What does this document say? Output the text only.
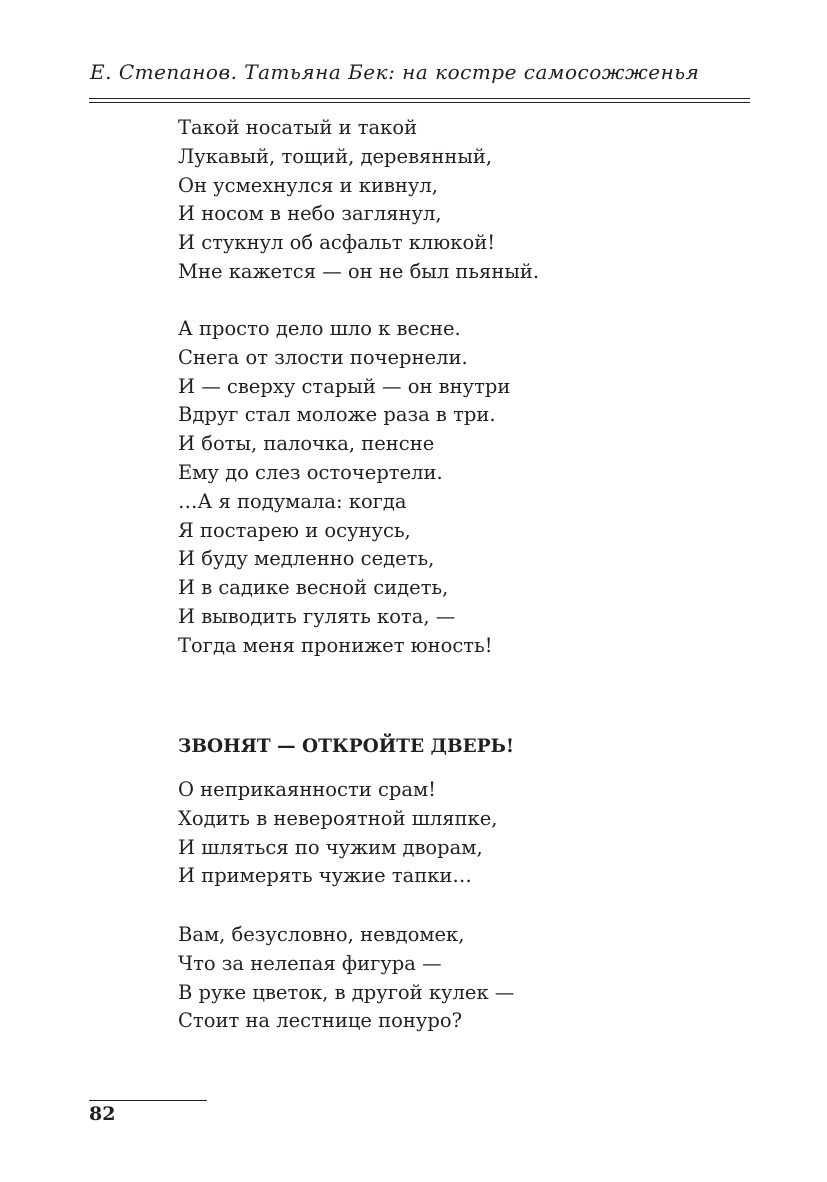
Е. Степанов. Татьяна Бек: на костре самосожженья
Такой носатый и такой
Лукавый, тощий, деревянный,
Он усмехнулся и кивнул,
И носом в небо заглянул,
И стукнул об асфальт клюкой!
Мне кажется — он не был пьяный.
А просто дело шло к весне.
Снега от злости почернели.
И — сверху старый — он внутри
Вдруг стал моложе раза в три.
И боты, палочка, пенсне
Ему до слез осточертели.
…А я подумала: когда
Я постарею и осунусь,
И буду медленно седеть,
И в садике весной сидеть,
И выводить гулять кота, —
Тогда меня пронижет юность!
ЗВОНЯТ — ОТКРОЙТЕ ДВЕРЬ!
О неприкаянности срам!
Ходить в невероятной шляпке,
И шляться по чужим дворам,
И примерять чужие тапки…
Вам, безусловно, невдомек,
Что за нелепая фигура —
В руке цветок, в другой кулек —
Стоит на лестнице понуро?
82
